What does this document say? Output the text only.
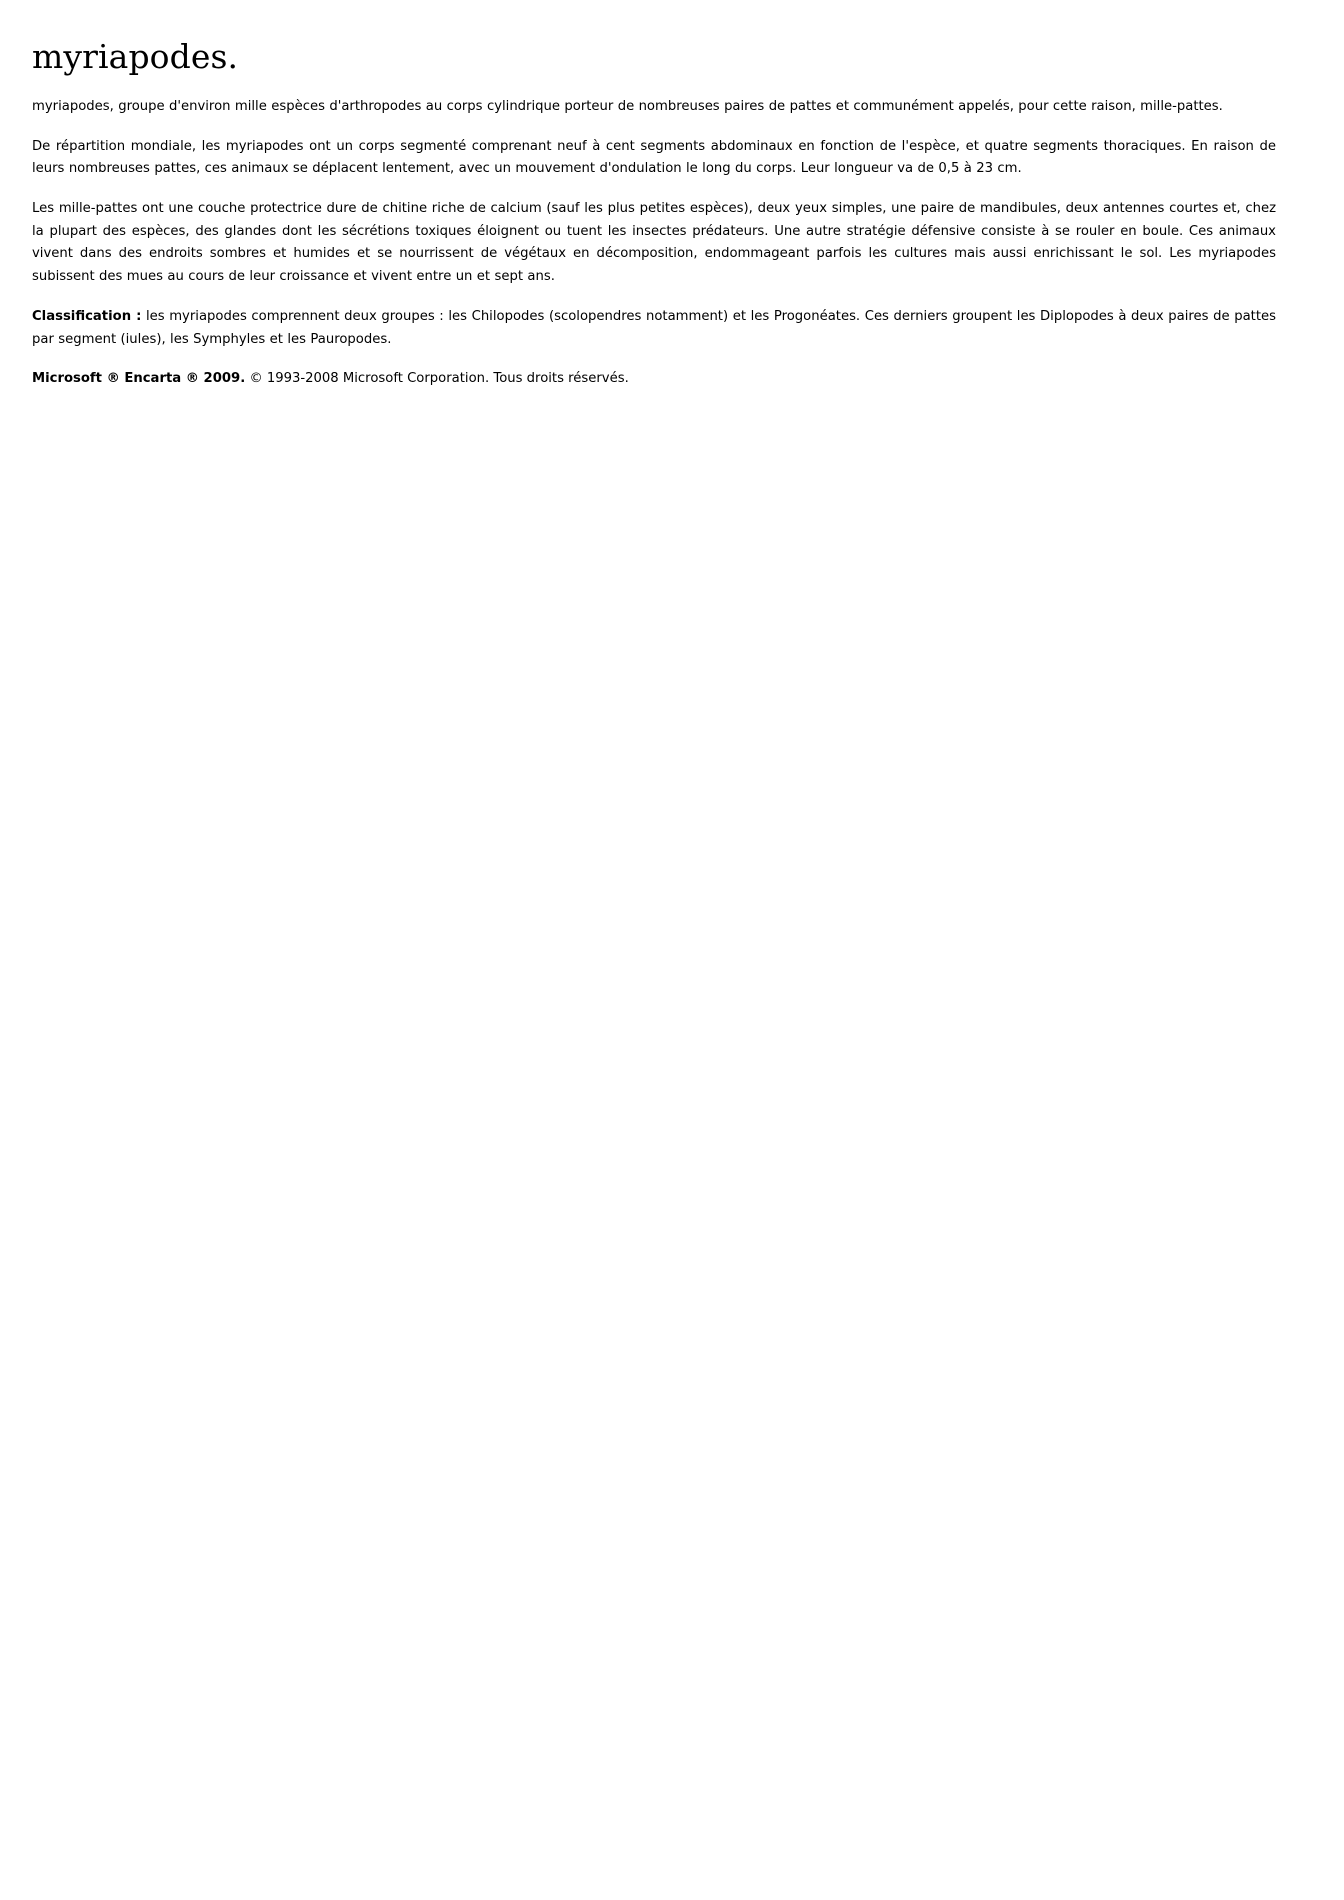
myriapodes.

myriapodes, groupe d'environ mille espèces d'arthropodes au corps cylindrique porteur de nombreuses paires de pattes et communément appelés, pour cette raison, mille-pattes.

De répartition mondiale, les myriapodes ont un corps segmenté comprenant neuf à cent segments abdominaux en fonction de l'espèce, et quatre segments thoraciques. En raison de leurs nombreuses pattes, ces animaux se déplacent lentement, avec un mouvement d'ondulation le long du corps. Leur longueur va de 0,5 à 23 cm.

Les mille-pattes ont une couche protectrice dure de chitine riche de calcium (sauf les plus petites espèces), deux yeux simples, une paire de mandibules, deux antennes courtes et, chez la plupart des espèces, des glandes dont les sécrétions toxiques éloignent ou tuent les insectes prédateurs. Une autre stratégie défensive consiste à se rouler en boule. Ces animaux vivent dans des endroits sombres et humides et se nourrissent de végétaux en décomposition, endommageant parfois les cultures mais aussi enrichissant le sol. Les myriapodes subissent des mues au cours de leur croissance et vivent entre un et sept ans.

Classification : les myriapodes comprennent deux groupes : les Chilopodes (scolopendres notamment) et les Progonéates. Ces derniers groupent les Diplopodes à deux paires de pattes par segment (iules), les Symphyles et les Pauropodes.

Microsoft ® Encarta ® 2009. © 1993-2008 Microsoft Corporation. Tous droits réservés.
